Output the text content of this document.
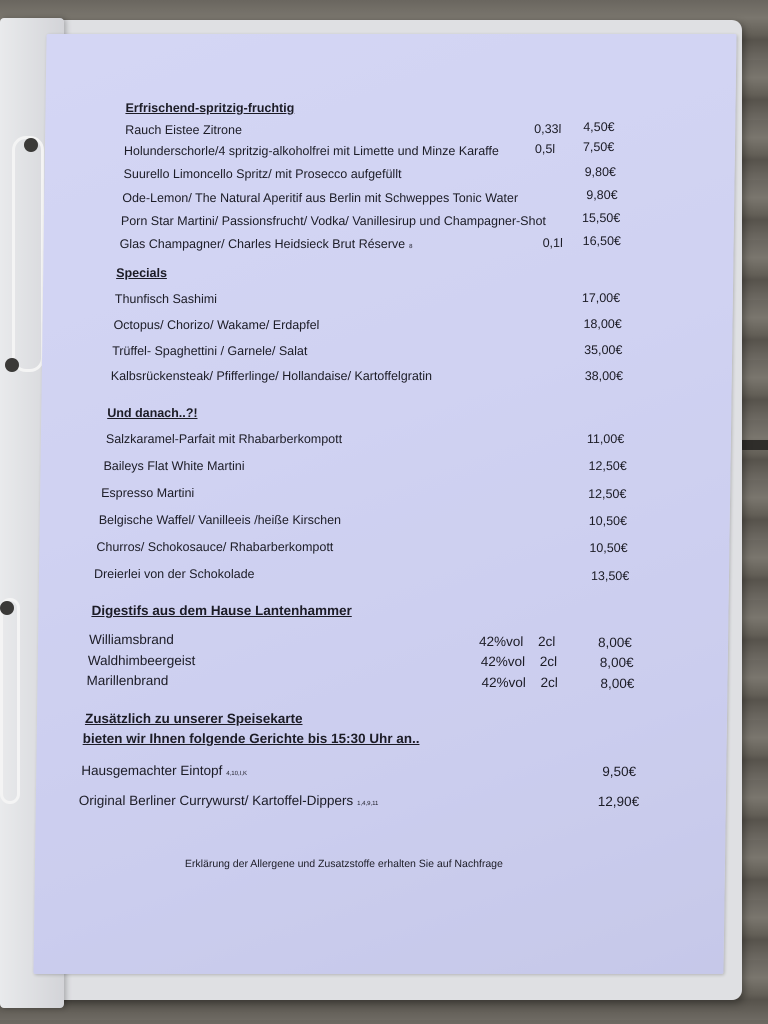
Erfrischend-spritzig-fruchtig
Rauch Eistee Zitrone	0,33l 4,50€
Holunderschorle/4 spritzig-alkoholfrei mit Limette und Minze Karaffe	0,5l 7,50€
Suurello Limoncello Spritz/ mit Prosecco aufgefüllt	9,80€
Ode-Lemon/ The Natural Aperitif aus Berlin mit Schweppes Tonic Water	9,80€
Porn Star Martini/ Passionsfrucht/ Vodka/ Vanillesirup und Champagner-Shot	15,50€
Glas Champagner/ Charles Heidsieck Brut Réserve 8	0,1l 16,50€
Specials
Thunfisch Sashimi	17,00€
Octopus/ Chorizo/ Wakame/ Erdapfel	18,00€
Trüffel- Spaghettini / Garnele/ Salat	35,00€
Kalbsrückensteak/ Pfifferlinge/ Hollandaise/ Kartoffelgratin	38,00€
Und danach..?!
Salzkaramel-Parfait mit Rhabarberkompott	11,00€
Baileys Flat White Martini	12,50€
Espresso Martini	12,50€
Belgische Waffel/ Vanilleeis /heiße Kirschen	10,50€
Churros/ Schokosauce/ Rhabarberkompott	10,50€
Dreierlei von der Schokolade	13,50€
Digestifs aus dem Hause Lantenhammer
Williamsbrand	42%vol 2cl	8,00€
Waldhimbeergeist	42%vol 2cl	8,00€
Marillenbrand	42%vol 2cl	8,00€
Zusätzlich zu unserer Speisekarte
bieten wir Ihnen folgende Gerichte bis 15:30 Uhr an..
Hausgemachter Eintopf 4,10,I,K	9,50€
Original Berliner Currywurst/ Kartoffel-Dippers 1,4,9,11	12,90€
Erklärung der Allergene und Zusatzstoffe erhalten Sie auf Nachfrage
